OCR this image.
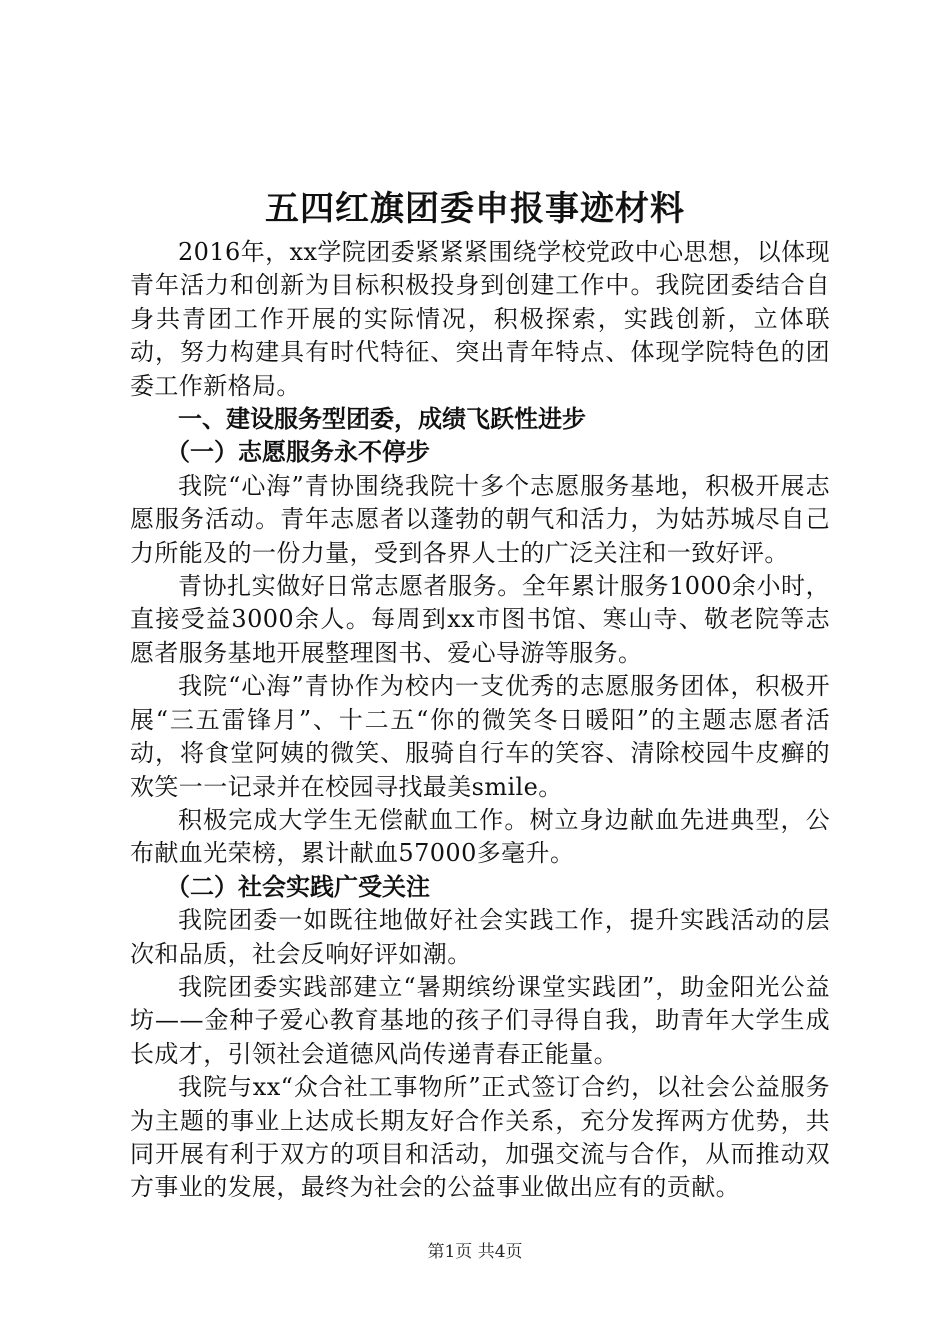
五四红旗团委申报事迹材料

2016年，xx学院团委紧紧紧围绕学校党政中心思想，以体现青年活力和创新为目标积极投身到创建工作中。我院团委结合自身共青团工作开展的实际情况，积极探索，实践创新，立体联动，努力构建具有时代特征、突出青年特点、体现学院特色的团委工作新格局。

一、建设服务型团委，成绩飞跃性进步

（一）志愿服务永不停步

我院“心海”青协围绕我院十多个志愿服务基地，积极开展志愿服务活动。青年志愿者以蓬勃的朝气和活力，为姑苏城尽自己力所能及的一份力量，受到各界人士的广泛关注和一致好评。

青协扎实做好日常志愿者服务。全年累计服务1000余小时，直接受益3000余人。每周到xx市图书馆、寒山寺、敬老院等志愿者服务基地开展整理图书、爱心导游等服务。

我院“心海”青协作为校内一支优秀的志愿服务团体，积极开展“三五雷锋月”、十二五“你的微笑冬日暖阳”的主题志愿者活动，将食堂阿姨的微笑、服骑自行车的笑容、清除校园牛皮癣的欢笑一一记录并在校园寻找最美smile。

积极完成大学生无偿献血工作。树立身边献血先进典型，公布献血光荣榜，累计献血57000多毫升。

（二）社会实践广受关注

我院团委一如既往地做好社会实践工作，提升实践活动的层次和品质，社会反响好评如潮。

我院团委实践部建立“暑期缤纷课堂实践团”，助金阳光公益坊——金种子爱心教育基地的孩子们寻得自我，助青年大学生成长成才，引领社会道德风尚传递青春正能量。

我院与xx“众合社工事物所”正式签订合约，以社会公益服务为主题的事业上达成长期友好合作关系，充分发挥两方优势，共同开展有利于双方的项目和活动，加强交流与合作，从而推动双方事业的发展，最终为社会的公益事业做出应有的贡献。

第1页 共4页
